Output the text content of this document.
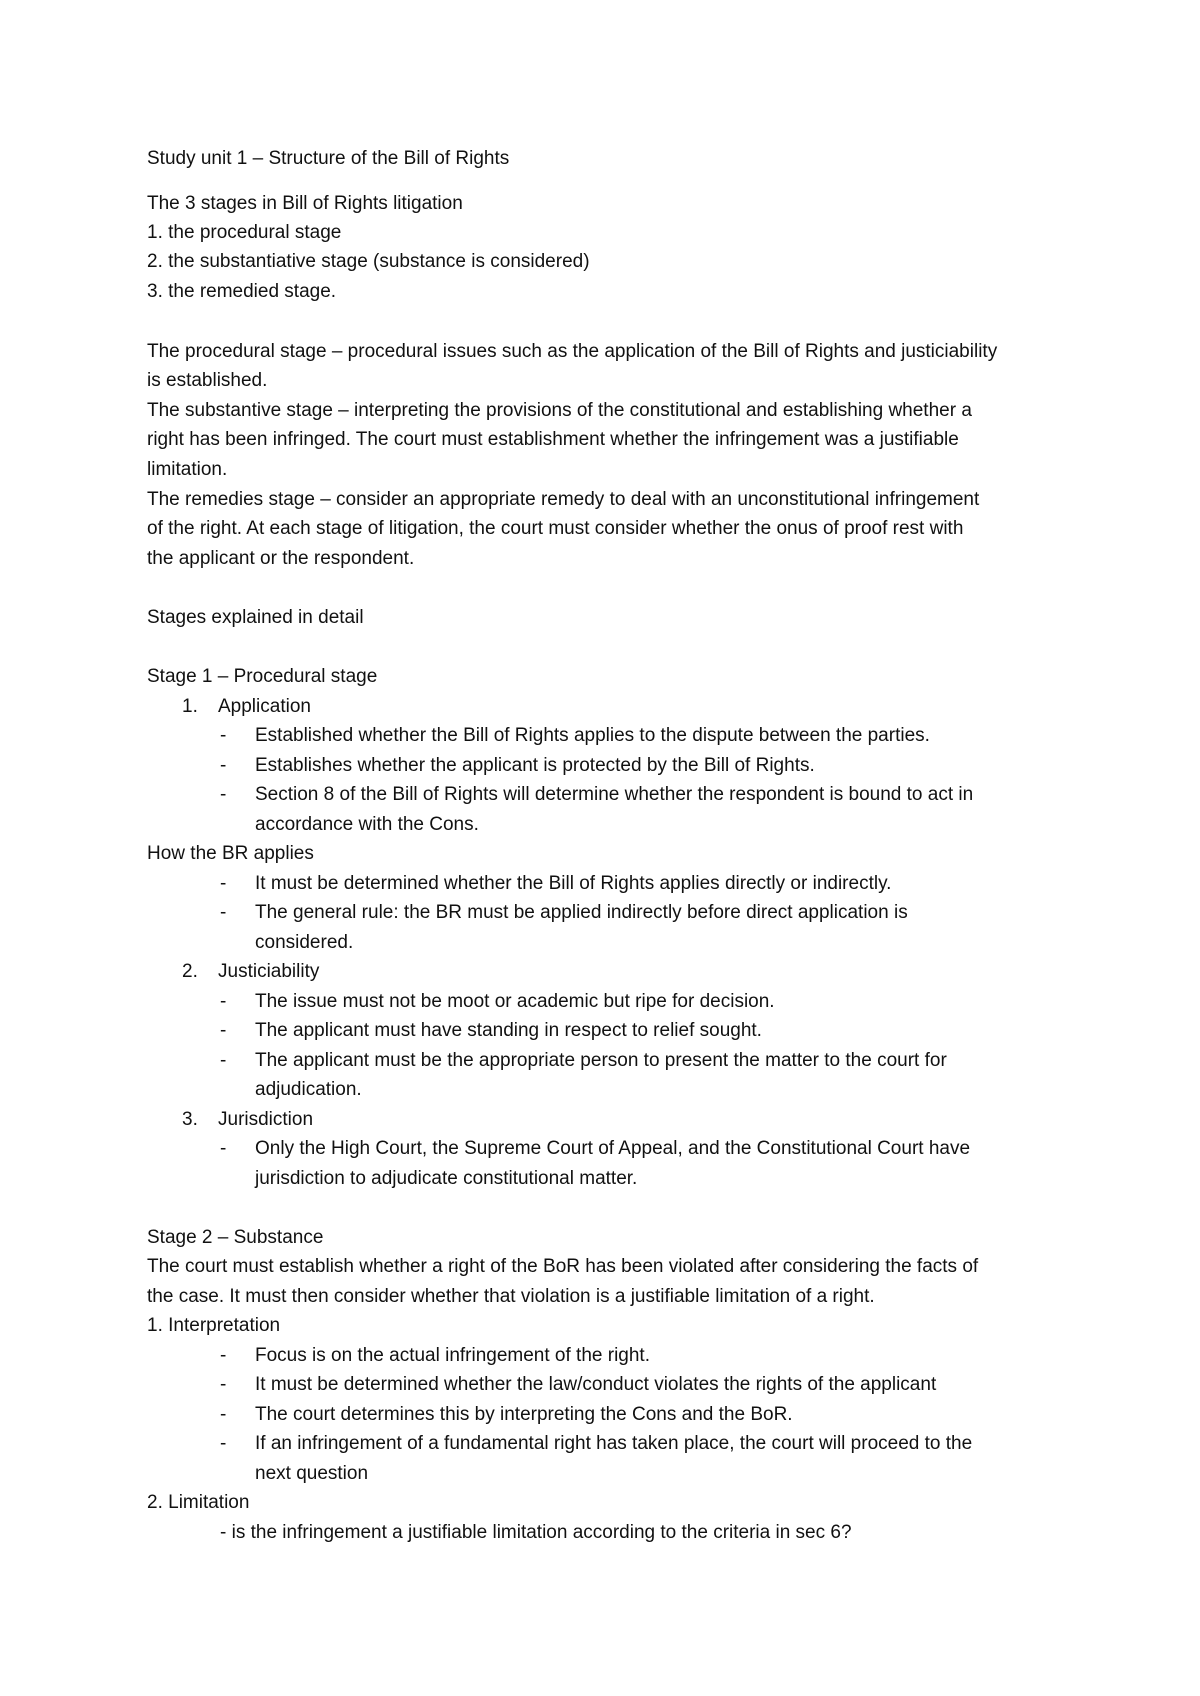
Study unit 1 – Structure of the Bill of Rights
The 3 stages in Bill of Rights litigation
1. the procedural stage
2. the substantiative stage (substance is considered)
3. the remedied stage.
The procedural stage – procedural issues such as the application of the Bill of Rights and justiciability
is established.
The substantive stage – interpreting the provisions of the constitutional and establishing whether a
right has been infringed. The court must establishment whether the infringement was a justifiable
limitation.
The remedies stage – consider an appropriate remedy to deal with an unconstitutional infringement
of the right. At each stage of litigation, the court must consider whether the onus of proof rest with
the applicant or the respondent.
Stages explained in detail
Stage 1 – Procedural stage
1. Application
- Established whether the Bill of Rights applies to the dispute between the parties.
- Establishes whether the applicant is protected by the Bill of Rights.
- Section 8 of the Bill of Rights will determine whether the respondent is bound to act in
accordance with the Cons.
How the BR applies
- It must be determined whether the Bill of Rights applies directly or indirectly.
- The general rule: the BR must be applied indirectly before direct application is
considered.
2. Justiciability
- The issue must not be moot or academic but ripe for decision.
- The applicant must have standing in respect to relief sought.
- The applicant must be the appropriate person to present the matter to the court for
adjudication.
3. Jurisdiction
- Only the High Court, the Supreme Court of Appeal, and the Constitutional Court have
jurisdiction to adjudicate constitutional matter.
Stage 2 – Substance
The court must establish whether a right of the BoR has been violated after considering the facts of
the case. It must then consider whether that violation is a justifiable limitation of a right.
1. Interpretation
- Focus is on the actual infringement of the right.
- It must be determined whether the law/conduct violates the rights of the applicant
- The court determines this by interpreting the Cons and the BoR.
- If an infringement of a fundamental right has taken place, the court will proceed to the
next question
2. Limitation
- is the infringement a justifiable limitation according to the criteria in sec 6?
